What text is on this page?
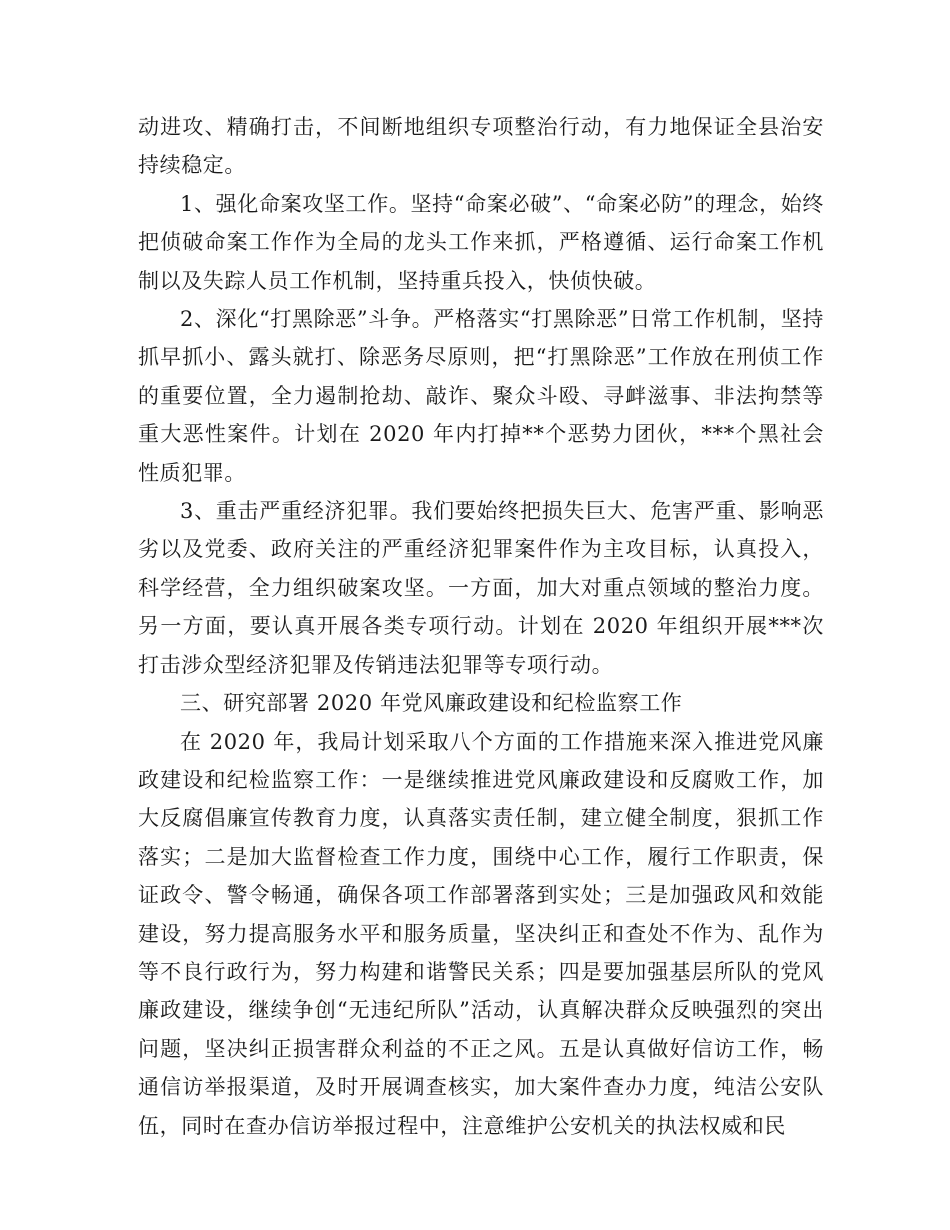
动进攻、精确打击，不间断地组织专项整治行动，有力地保证全县治安持续稳定。

1、强化命案攻坚工作。坚持“命案必破”、“命案必防”的理念，始终把侦破命案工作作为全局的龙头工作来抓，严格遵循、运行命案工作机制以及失踪人员工作机制，坚持重兵投入，快侦快破。

2、深化“打黑除恶”斗争。严格落实“打黑除恶”日常工作机制，坚持抓早抓小、露头就打、除恶务尽原则，把“打黑除恶”工作放在刑侦工作的重要位置，全力遏制抢劫、敲诈、聚众斗殴、寻衅滋事、非法拘禁等重大恶性案件。计划在 2020 年内打掉**个恶势力团伙，***个黑社会性质犯罪。

3、重击严重经济犯罪。我们要始终把损失巨大、危害严重、影响恶劣以及党委、政府关注的严重经济犯罪案件作为主攻目标，认真投入，科学经营，全力组织破案攻坚。一方面，加大对重点领域的整治力度。另一方面，要认真开展各类专项行动。计划在 2020 年组织开展***次打击涉众型经济犯罪及传销违法犯罪等专项行动。

三、研究部署 2020 年党风廉政建设和纪检监察工作

在 2020 年，我局计划采取八个方面的工作措施来深入推进党风廉政建设和纪检监察工作：一是继续推进党风廉政建设和反腐败工作，加大反腐倡廉宣传教育力度，认真落实责任制，建立健全制度，狠抓工作落实；二是加大监督检查工作力度，围绕中心工作，履行工作职责，保证政令、警令畅通，确保各项工作部署落到实处；三是加强政风和效能建设，努力提高服务水平和服务质量，坚决纠正和查处不作为、乱作为等不良行政行为，努力构建和谐警民关系；四是要加强基层所队的党风廉政建设，继续争创“无违纪所队”活动，认真解决群众反映强烈的突出问题，坚决纠正损害群众利益的不正之风。五是认真做好信访工作，畅通信访举报渠道，及时开展调查核实，加大案件查办力度，纯洁公安队伍，同时在查办信访举报过程中，注意维护公安机关的执法权威和民
